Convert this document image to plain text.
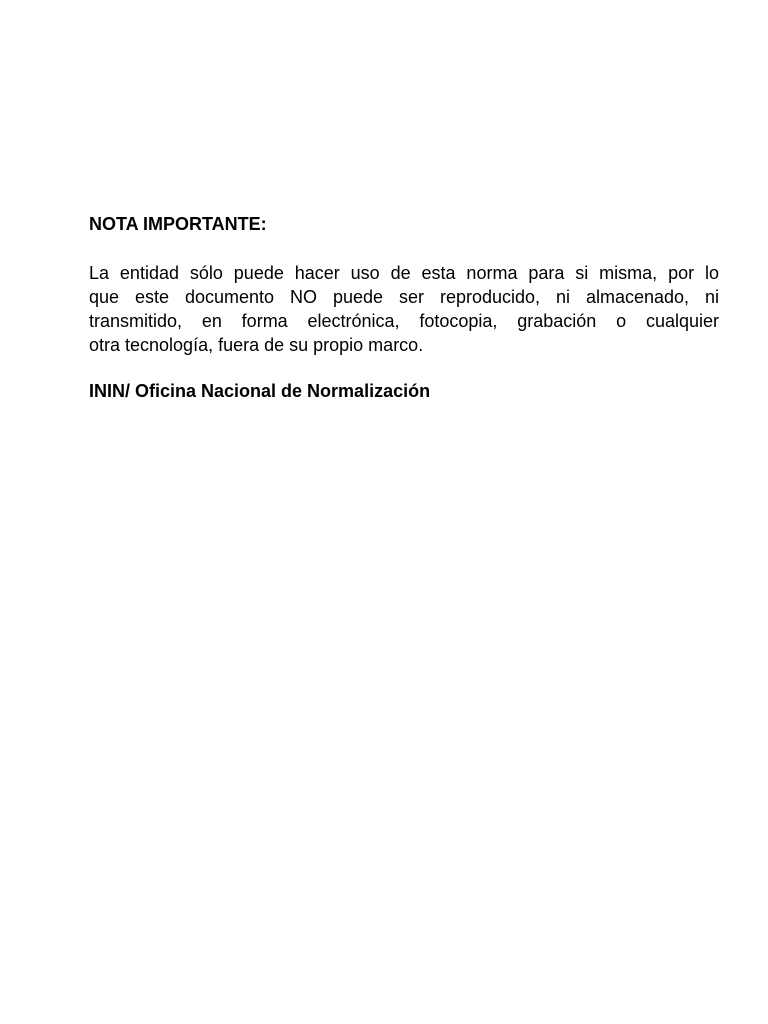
NOTA IMPORTANTE:
La entidad sólo puede hacer uso de esta norma para si misma, por lo
que este documento NO puede ser reproducido, ni almacenado, ni
transmitido, en forma electrónica, fotocopia, grabación o cualquier
otra tecnología, fuera de su propio marco.
ININ/ Oficina Nacional de Normalización
